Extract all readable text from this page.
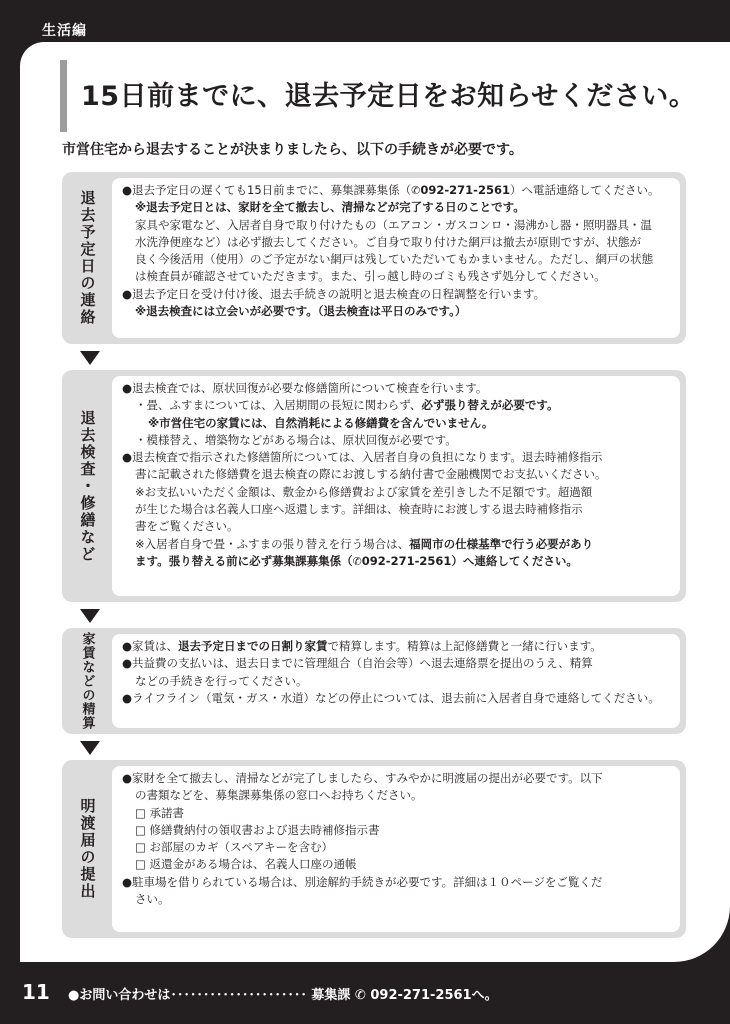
生活編
15日前までに、退去予定日をお知らせください。

市営住宅から退去することが決まりましたら、以下の手続きが必要です。

退去予定日の連絡 ●退去予定日の遅くても15日前までに、募集課募集係（✆092-271-2561）へ電話連絡してください。

※退去予定日とは、家財を全て撤去し、清掃などが完了する日のことです。

家具や家電など、入居者自身で取り付けたもの（エアコン・ガスコンロ・湯沸かし器・照明器具・温

水洗浄便座など）は必ず撤去してください。ご自身で取り付けた網戸は撤去が原則ですが、状態が

良く今後活用（使用）のご予定がない網戸は残していただいてもかまいません。ただし、網戸の状態

は検査員が確認させていただきます。また、引っ越し時のゴミも残さず処分してください。

●退去予定日を受け付け後、退去手続きの説明と退去検査の日程調整を行います。

※退去検査には立会いが必要です。（退去検査は平日のみです。）

退去検査・修繕など

●退去検査では、原状回復が必要な修繕箇所について検査を行います。

・畳、ふすまについては、入居期間の長短に関わらず、必ず張り替えが必要です。

※市営住宅の家賃には、自然消耗による修繕費を含んでいません。

・模様替え、増築物などがある場合は、原状回復が必要です。

●退去検査で指示された修繕箇所については、入居者自身の負担になります。退去時補修指示

書に記載された修繕費を退去検査の際にお渡しする納付書で金融機関でお支払いください。

※お支払いいただく金額は、敷金から修繕費および家賃を差引きした不足額です。超過額

が生じた場合は名義人口座へ返還します。詳細は、検査時にお渡しする退去時補修指示

書をご覧ください。

※入居者自身で畳・ふすまの張り替えを行う場合は、福岡市の仕様基準で行う必要があり

ます。張り替える前に必ず募集課募集係（✆092-271-2561）へ連絡してください。

家賃などの精算 ●家賃は、退去予定日までの日割り家賃で精算します。精算は上記修繕費と一緒に行います。

●共益費の支払いは、退去日までに管理組合（自治会等）へ退去連絡票を提出のうえ、精算

などの手続きを行ってください。

●ライフライン（電気・ガス・水道）などの停止については、退去前に入居者自身で連絡してください。

明渡届の提出

●家財を全て撤去し、清掃などが完了しましたら、すみやかに明渡届の提出が必要です。以下

の書類などを、募集課募集係の窓口へお持ちください。

□ 承諾書

□ 修繕費納付の領収書および退去時補修指示書

□ お部屋のカギ（スペアキーを含む）

□ 返還金がある場合は、名義人口座の通帳

●駐車場を借りられている場合は、別途解約手続きが必要です。詳細は１０ページをご覧くだ

さい。

11 ●お問い合わせは･････････････････････ 募集課 ✆ 092-271-2561へ。
